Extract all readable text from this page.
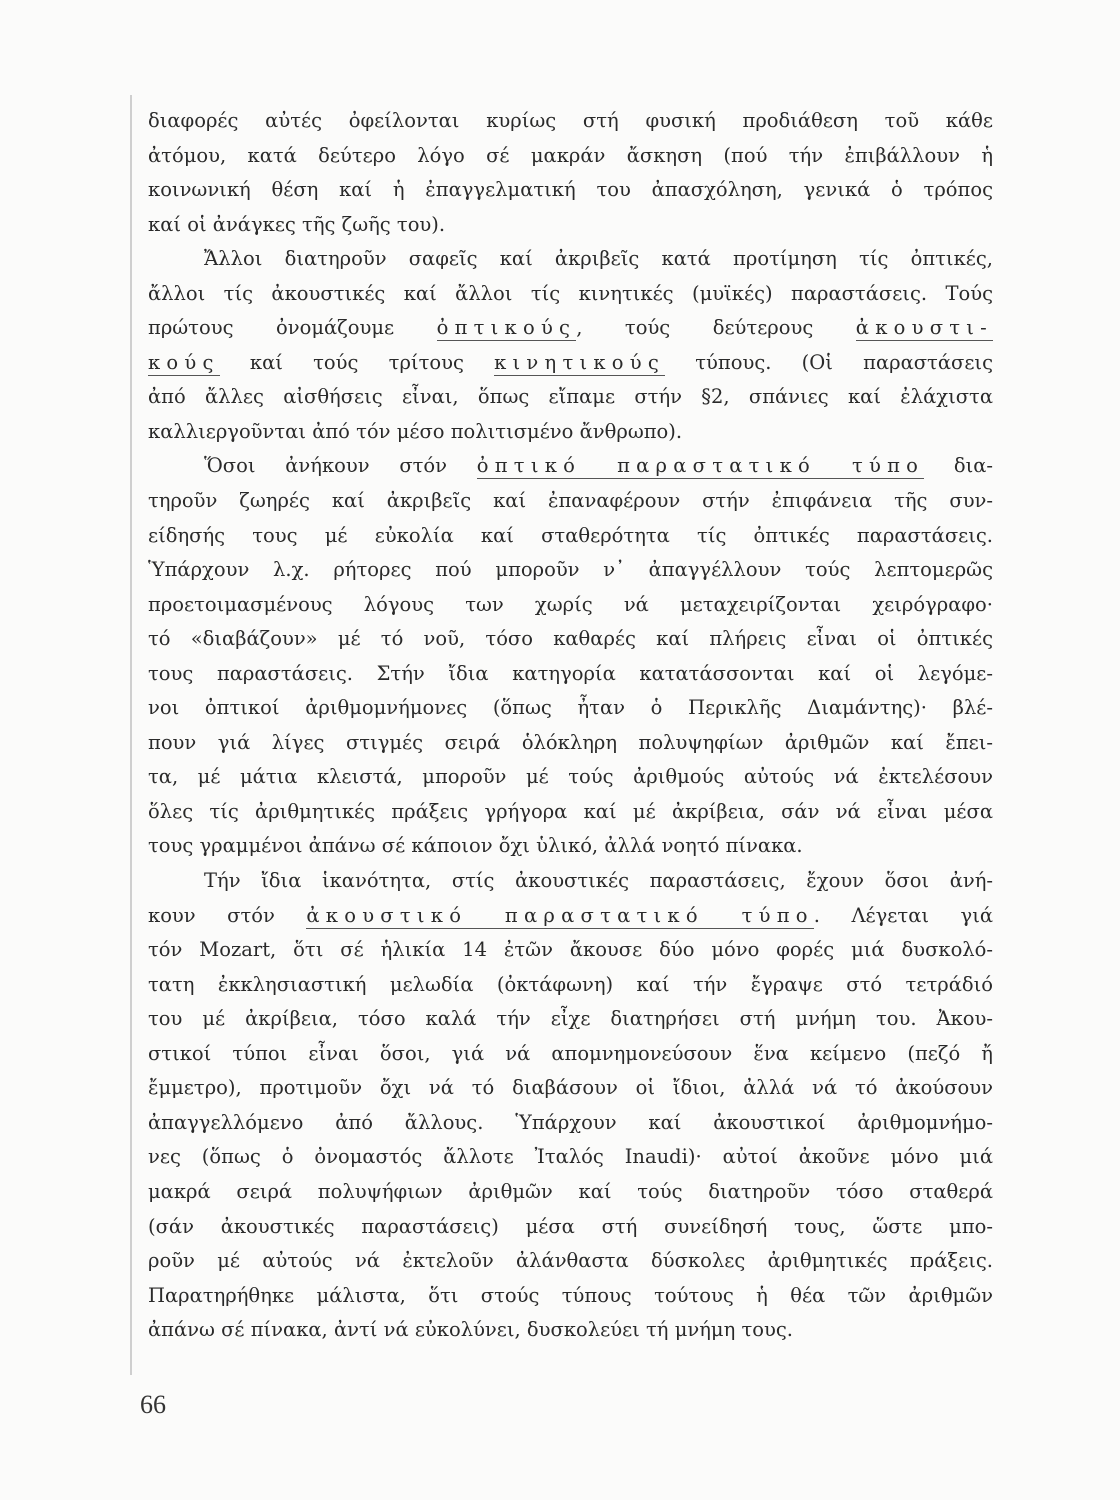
διαφορές αὐτές ὀφείλονται κυρίως στή φυσική προδιάθεση τοῦ κάθε
ἀτόμου, κατά δεύτερο λόγο σέ μακράν ἄσκηση (πού τήν ἐπιβάλλουν ἡ
κοινωνική θέση καί ἡ ἐπαγγελματική του ἀπασχόληση, γενικά ὁ τρόπος
καί οἱ ἀνάγκες τῆς ζωῆς του).
Ἄλλοι διατηροῦν σαφεῖς καί ἀκριβεῖς κατά προτίμηση τίς ὀπτικές,
ἄλλοι τίς ἀκουστικές καί ἄλλοι τίς κινητικές (μυϊκές) παραστάσεις. Τούς
πρώτους ὀνομάζουμε ὀπτικούς, τούς δεύτερους ἀκουστι-
κούς καί τούς τρίτους κινητικούς τύπους. (Οἱ παραστάσεις
ἀπό ἄλλες αἰσθήσεις εἶναι, ὅπως εἴπαμε στήν §2, σπάνιες καί ἐλάχιστα
καλλιεργοῦνται ἀπό τόν μέσο πολιτισμένο ἄνθρωπο).
Ὅσοι ἀνήκουν στόν ὀπτικό παραστατικό τύπο δια-
τηροῦν ζωηρές καί ἀκριβεῖς καί ἐπαναφέρουν στήν ἐπιφάνεια τῆς συν-
είδησής τους μέ εὐκολία καί σταθερότητα τίς ὀπτικές παραστάσεις.
Ὑπάρχουν λ.χ. ρήτορες πού μποροῦν ν᾽ ἀπαγγέλλουν τούς λεπτομερῶς
προετοιμασμένους λόγους των χωρίς νά μεταχειρίζονται χειρόγραφο·
τό «διαβάζουν» μέ τό νοῦ, τόσο καθαρές καί πλήρεις εἶναι οἱ ὀπτικές
τους παραστάσεις. Στήν ἴδια κατηγορία κατατάσσονται καί οἱ λεγόμε-
νοι ὀπτικοί ἀριθμομνήμονες (ὅπως ἦταν ὁ Περικλῆς Διαμάντης)· βλέ-
πουν γιά λίγες στιγμές σειρά ὁλόκληρη πολυψηφίων ἀριθμῶν καί ἔπει-
τα, μέ μάτια κλειστά, μποροῦν μέ τούς ἀριθμούς αὐτούς νά ἐκτελέσουν
ὅλες τίς ἀριθμητικές πράξεις γρήγορα καί μέ ἀκρίβεια, σάν νά εἶναι μέσα
τους γραμμένοι ἀπάνω σέ κάποιον ὄχι ὑλικό, ἀλλά νοητό πίνακα.
Τήν ἴδια ἱκανότητα, στίς ἀκουστικές παραστάσεις, ἔχουν ὅσοι ἀνή-
κουν στόν ἀκουστικό παραστατικό τύπο. Λέγεται γιά
τόν Mozart, ὅτι σέ ἡλικία 14 ἐτῶν ἄκουσε δύο μόνο φορές μιά δυσκολό-
τατη ἐκκλησιαστική μελωδία (ὀκτάφωνη) καί τήν ἔγραψε στό τετράδιό
του μέ ἀκρίβεια, τόσο καλά τήν εἶχε διατηρήσει στή μνήμη του. Ἀκου-
στικοί τύποι εἶναι ὅσοι, γιά νά απομνημονεύσουν ἕνα κείμενο (πεζό ἤ
ἔμμετρο), προτιμοῦν ὄχι νά τό διαβάσουν οἱ ἴδιοι, ἀλλά νά τό ἀκούσουν
ἀπαγγελλόμενο ἀπό ἄλλους. Ὑπάρχουν καί ἀκουστικοί ἀριθμομνήμο-
νες (ὅπως ὁ ὀνομαστός ἄλλοτε Ἰταλός Inaudi)· αὐτοί ἀκοῦνε μόνο μιά
μακρά σειρά πολυψήφιων ἀριθμῶν καί τούς διατηροῦν τόσο σταθερά
(σάν ἀκουστικές παραστάσεις) μέσα στή συνείδησή τους, ὥστε μπο-
ροῦν μέ αὐτούς νά ἐκτελοῦν ἀλάνθαστα δύσκολες ἀριθμητικές πράξεις.
Παρατηρήθηκε μάλιστα, ὅτι στούς τύπους τούτους ἡ θέα τῶν ἀριθμῶν
ἀπάνω σέ πίνακα, ἀντί νά εὐκολύνει, δυσκολεύει τή μνήμη τους.
66
